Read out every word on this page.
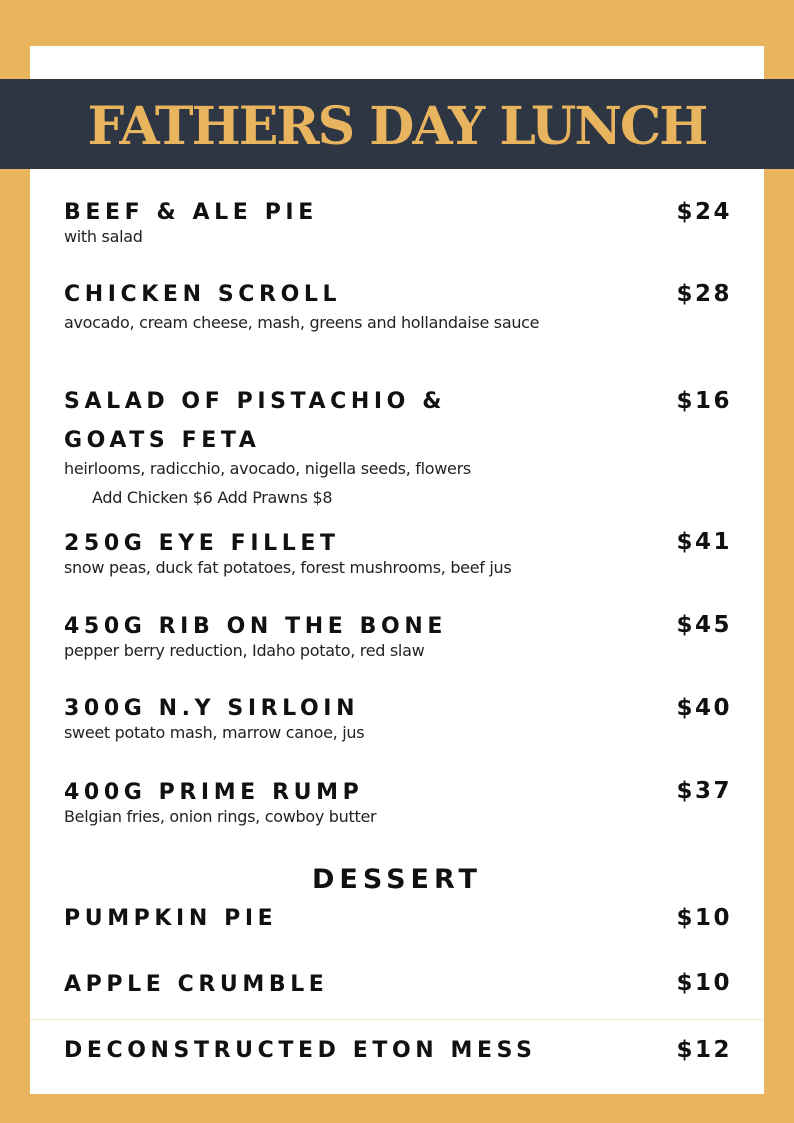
FATHERS DAY LUNCH
BEEF & ALE PIE
with salad
$24
CHICKEN SCROLL
avocado, cream cheese, mash, greens and hollandaise sauce
$28
SALAD OF PISTACHIO & GOATS FETA
heirlooms, radicchio, avocado, nigella seeds, flowers
Add Chicken $6 Add Prawns $8
$16
250G EYE FILLET
snow peas, duck fat potatoes, forest mushrooms, beef jus
$41
450G RIB ON THE BONE
pepper berry reduction, Idaho potato, red slaw
$45
300G N.Y SIRLOIN
sweet potato mash, marrow canoe, jus
$40
400G PRIME RUMP
Belgian fries, onion rings, cowboy butter
$37
DESSERT
PUMPKIN PIE	$10
APPLE CRUMBLE	$10
DECONSTRUCTED ETON MESS	$12
